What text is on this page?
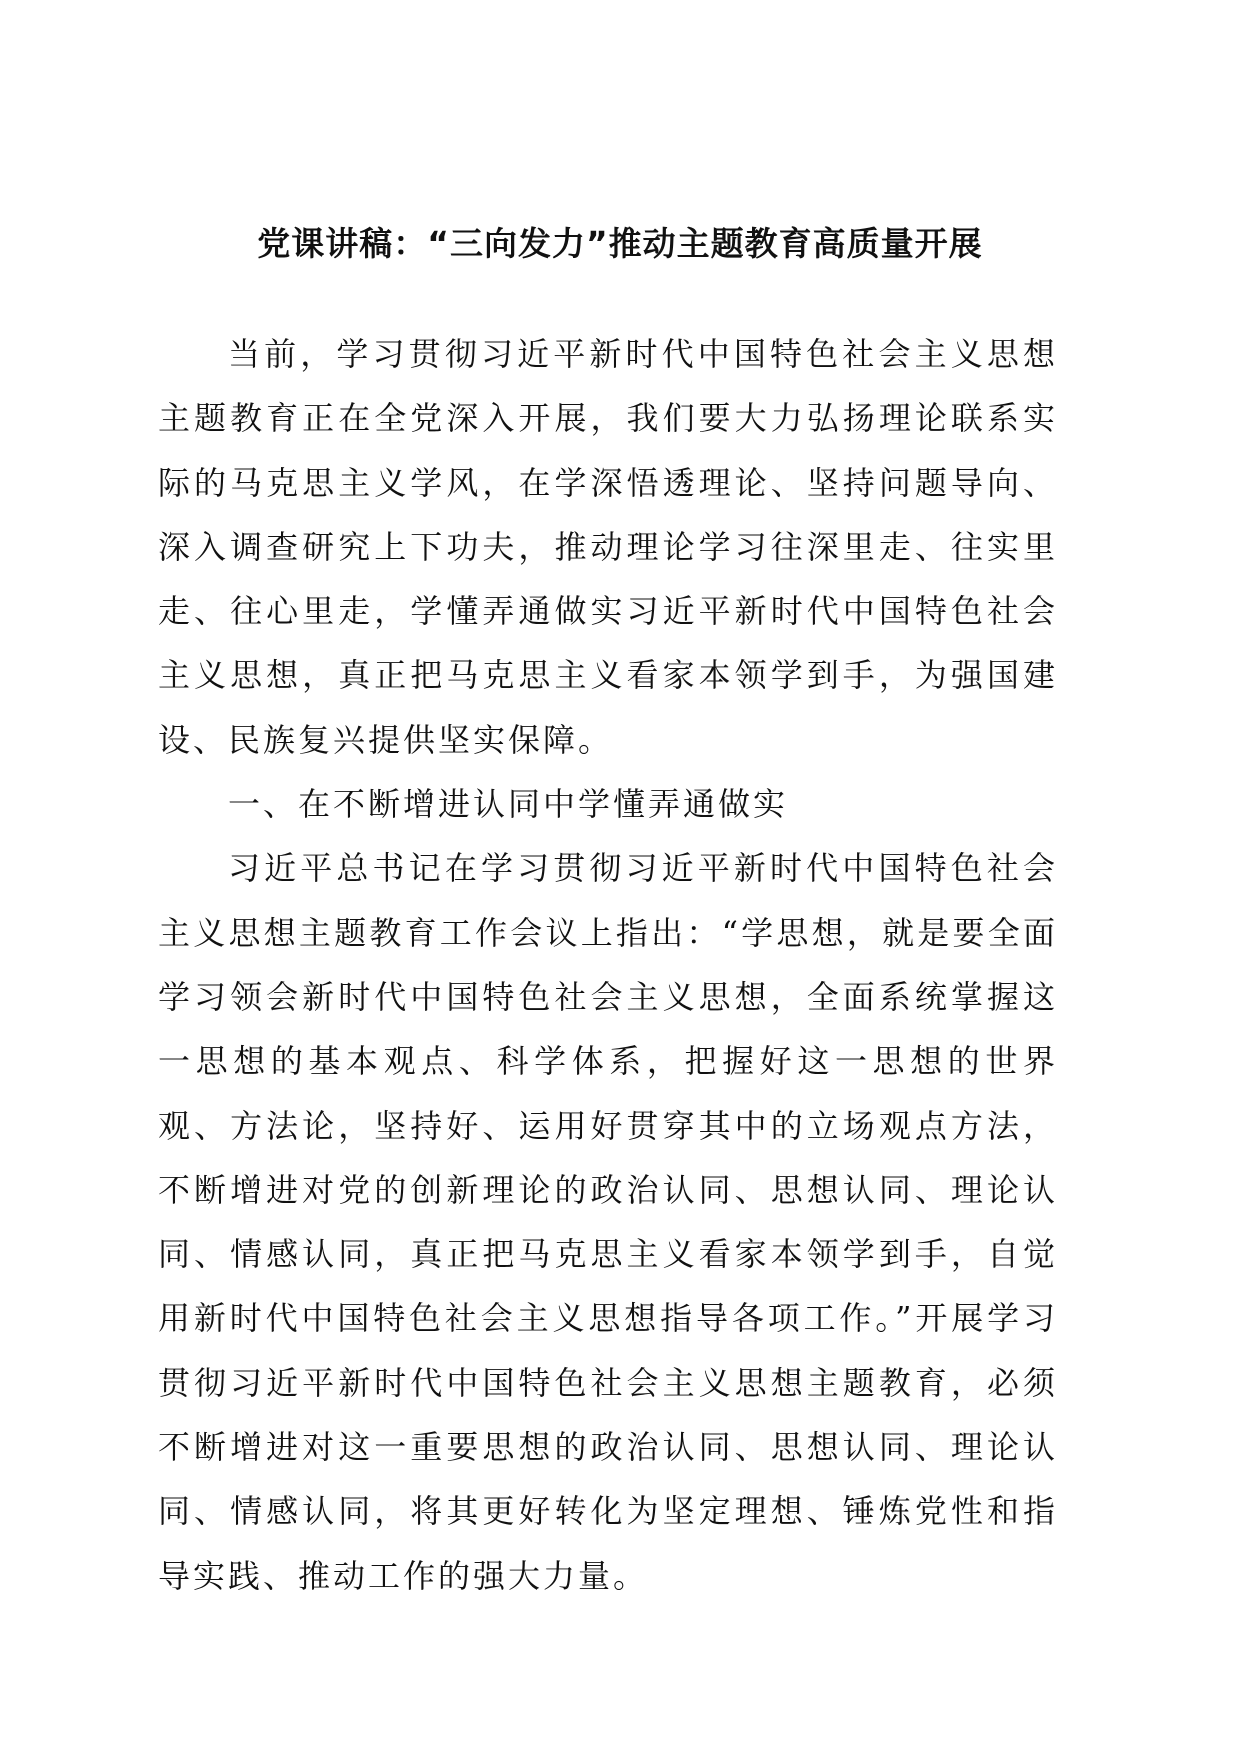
党课讲稿：“三向发力”推动主题教育高质量开展

当前，学习贯彻习近平新时代中国特色社会主义思想主题教育正在全党深入开展，我们要大力弘扬理论联系实际的马克思主义学风，在学深悟透理论、坚持问题导向、深入调查研究上下功夫，推动理论学习往深里走、往实里走、往心里走，学懂弄通做实习近平新时代中国特色社会主义思想，真正把马克思主义看家本领学到手，为强国建设、民族复兴提供坚实保障。

一、在不断增进认同中学懂弄通做实

习近平总书记在学习贯彻习近平新时代中国特色社会主义思想主题教育工作会议上指出：“学思想，就是要全面学习领会新时代中国特色社会主义思想，全面系统掌握这一思想的基本观点、科学体系，把握好这一思想的世界观、方法论，坚持好、运用好贯穿其中的立场观点方法，不断增进对党的创新理论的政治认同、思想认同、理论认同、情感认同，真正把马克思主义看家本领学到手，自觉用新时代中国特色社会主义思想指导各项工作。”开展学习贯彻习近平新时代中国特色社会主义思想主题教育，必须不断增进对这一重要思想的政治认同、思想认同、理论认同、情感认同，将其更好转化为坚定理想、锤炼党性和指导实践、推动工作的强大力量。
